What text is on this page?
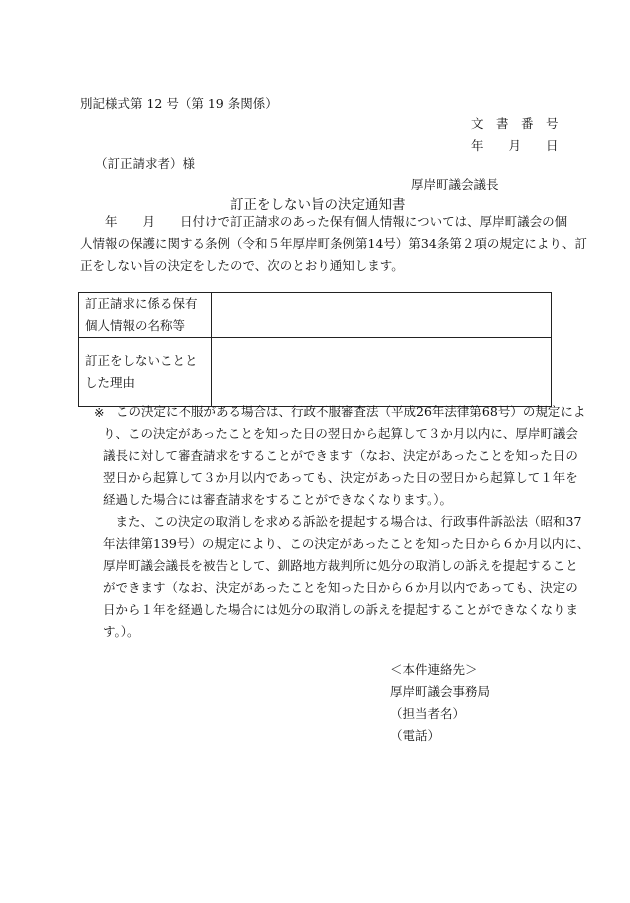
別記様式第 12 号（第 19 条関係）
文　書　番　号
年　　月　　日
（訂正請求者）様
厚岸町議会議長
訂正をしない旨の決定通知書
　　年　　月　　日付けで訂正請求のあった保有個人情報については、厚岸町議会の個
人情報の保護に関する条例（令和５年厚岸町条例第14号）第34条第２項の規定により、訂
正をしない旨の決定をしたので、次のとおり通知します。
訂正請求に係る保有
個人情報の名称等	

訂正をしないことと
した理由	

※ この決定に不服がある場合は、行政不服審査法（平成26年法律第68号）の規定によ
り、この決定があったことを知った日の翌日から起算して３か月以内に、厚岸町議会
議長に対して審査請求をすることができます（なお、決定があったことを知った日の
翌日から起算して３か月以内であっても、決定があった日の翌日から起算して１年を
経過した場合には審査請求をすることができなくなります。）。
　また、この決定の取消しを求める訴訟を提起する場合は、行政事件訴訟法（昭和37
年法律第139号）の規定により、この決定があったことを知った日から６か月以内に、
厚岸町議会議長を被告として、釧路地方裁判所に処分の取消しの訴えを提起すること
ができます（なお、決定があったことを知った日から６か月以内であっても、決定の
日から１年を経過した場合には処分の取消しの訴えを提起することができなくなりま
す。）。
＜本件連絡先＞
厚岸町議会事務局
（担当者名）
（電話）
